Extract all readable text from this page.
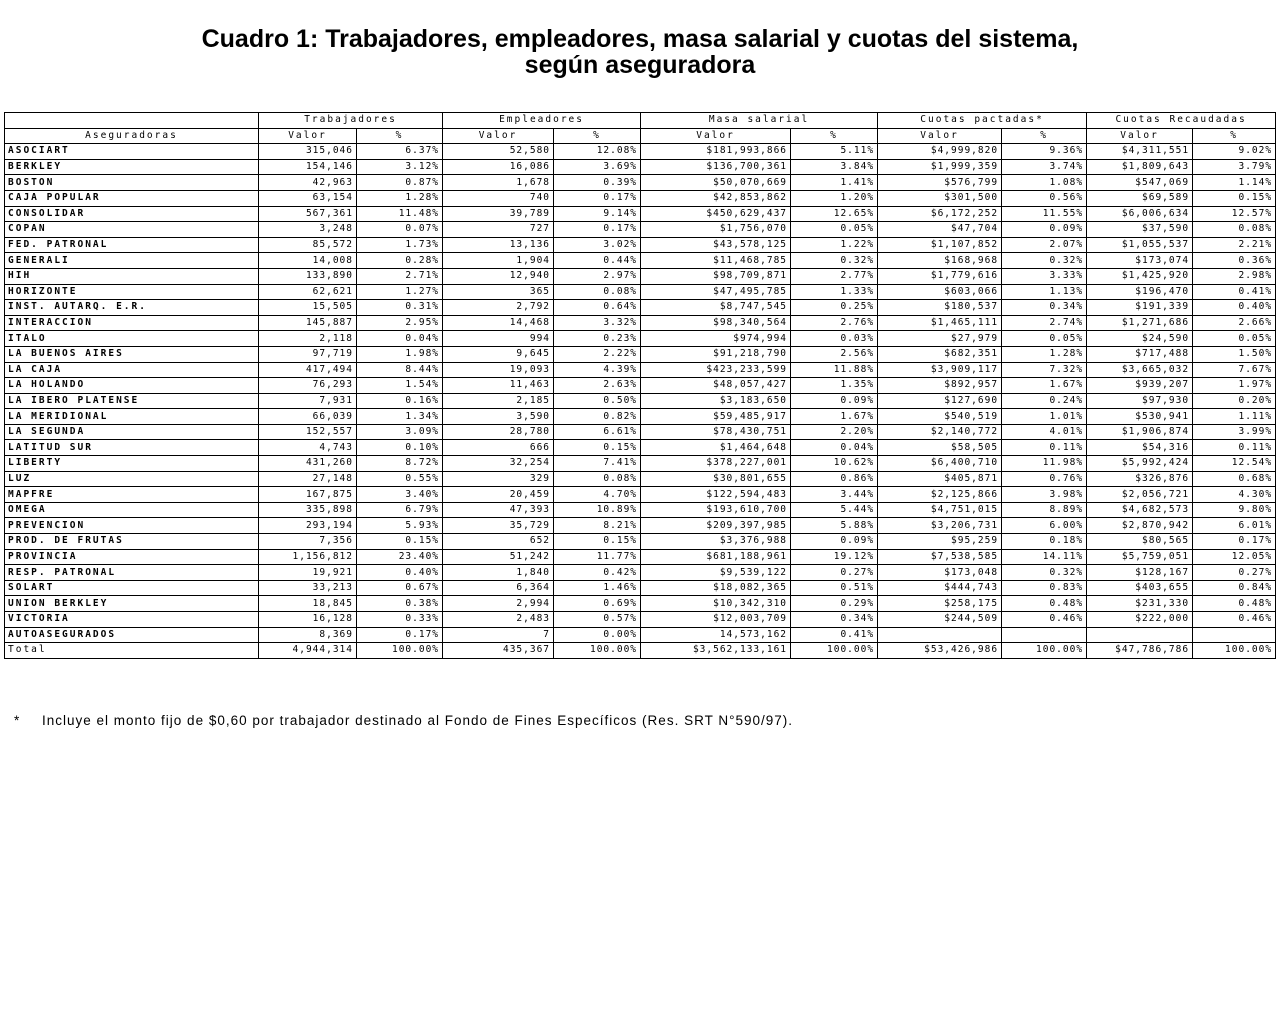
Cuadro 1: Trabajadores, empleadores, masa salarial y cuotas del sistema,
según aseguradora
	Trabajadores		Empleadores		Masa salarial		Cuotas pactadas*		Cuotas Recaudadas	
Aseguradoras	Valor	%	Valor	%	Valor	%	Valor	%	Valor	%
ASOCIART	315,046	6.37%	52,580	12.08%	$181,993,866	5.11%	$4,999,820	9.36%	$4,311,551	9.02%
BERKLEY	154,146	3.12%	16,086	3.69%	$136,700,361	3.84%	$1,999,359	3.74%	$1,809,643	3.79%
BOSTON	42,963	0.87%	1,678	0.39%	$50,070,669	1.41%	$576,799	1.08%	$547,069	1.14%
CAJA POPULAR	63,154	1.28%	740	0.17%	$42,853,862	1.20%	$301,500	0.56%	$69,589	0.15%
CONSOLIDAR	567,361	11.48%	39,789	9.14%	$450,629,437	12.65%	$6,172,252	11.55%	$6,006,634	12.57%
COPAN	3,248	0.07%	727	0.17%	$1,756,070	0.05%	$47,704	0.09%	$37,590	0.08%
FED. PATRONAL	85,572	1.73%	13,136	3.02%	$43,578,125	1.22%	$1,107,852	2.07%	$1,055,537	2.21%
GENERALI	14,008	0.28%	1,904	0.44%	$11,468,785	0.32%	$168,968	0.32%	$173,074	0.36%
HIH	133,890	2.71%	12,940	2.97%	$98,709,871	2.77%	$1,779,616	3.33%	$1,425,920	2.98%
HORIZONTE	62,621	1.27%	365	0.08%	$47,495,785	1.33%	$603,066	1.13%	$196,470	0.41%
INST. AUTARQ. E.R.	15,505	0.31%	2,792	0.64%	$8,747,545	0.25%	$180,537	0.34%	$191,339	0.40%
INTERACCION	145,887	2.95%	14,468	3.32%	$98,340,564	2.76%	$1,465,111	2.74%	$1,271,686	2.66%
ITALO	2,118	0.04%	994	0.23%	$974,994	0.03%	$27,979	0.05%	$24,590	0.05%
LA BUENOS AIRES	97,719	1.98%	9,645	2.22%	$91,218,790	2.56%	$682,351	1.28%	$717,488	1.50%
LA CAJA	417,494	8.44%	19,093	4.39%	$423,233,599	11.88%	$3,909,117	7.32%	$3,665,032	7.67%
LA HOLANDO	76,293	1.54%	11,463	2.63%	$48,057,427	1.35%	$892,957	1.67%	$939,207	1.97%
LA IBERO PLATENSE	7,931	0.16%	2,185	0.50%	$3,183,650	0.09%	$127,690	0.24%	$97,930	0.20%
LA MERIDIONAL	66,039	1.34%	3,590	0.82%	$59,485,917	1.67%	$540,519	1.01%	$530,941	1.11%
LA SEGUNDA	152,557	3.09%	28,780	6.61%	$78,430,751	2.20%	$2,140,772	4.01%	$1,906,874	3.99%
LATITUD SUR	4,743	0.10%	666	0.15%	$1,464,648	0.04%	$58,505	0.11%	$54,316	0.11%
LIBERTY	431,260	8.72%	32,254	7.41%	$378,227,001	10.62%	$6,400,710	11.98%	$5,992,424	12.54%
LUZ	27,148	0.55%	329	0.08%	$30,801,655	0.86%	$405,871	0.76%	$326,876	0.68%
MAPFRE	167,875	3.40%	20,459	4.70%	$122,594,483	3.44%	$2,125,866	3.98%	$2,056,721	4.30%
OMEGA	335,898	6.79%	47,393	10.89%	$193,610,700	5.44%	$4,751,015	8.89%	$4,682,573	9.80%
PREVENCION	293,194	5.93%	35,729	8.21%	$209,397,985	5.88%	$3,206,731	6.00%	$2,870,942	6.01%
PROD. DE FRUTAS	7,356	0.15%	652	0.15%	$3,376,988	0.09%	$95,259	0.18%	$80,565	0.17%
PROVINCIA	1,156,812	23.40%	51,242	11.77%	$681,188,961	19.12%	$7,538,585	14.11%	$5,759,051	12.05%
RESP. PATRONAL	19,921	0.40%	1,840	0.42%	$9,539,122	0.27%	$173,048	0.32%	$128,167	0.27%
SOLART	33,213	0.67%	6,364	1.46%	$18,082,365	0.51%	$444,743	0.83%	$403,655	0.84%
UNION BERKLEY	18,845	0.38%	2,994	0.69%	$10,342,310	0.29%	$258,175	0.48%	$231,330	0.48%
VICTORIA	16,128	0.33%	2,483	0.57%	$12,003,709	0.34%	$244,509	0.46%	$222,000	0.46%
AUTOASEGURADOS	8,369	0.17%	7	0.00%	14,573,162	0.41%				
Total	4,944,314	100.00%	435,367	100.00%	$3,562,133,161	100.00%	$53,426,986	100.00%	$47,786,786	100.00%
* Incluye el monto fijo de $0,60 por trabajador destinado al Fondo de Fines Específicos (Res. SRT N°590/97).
